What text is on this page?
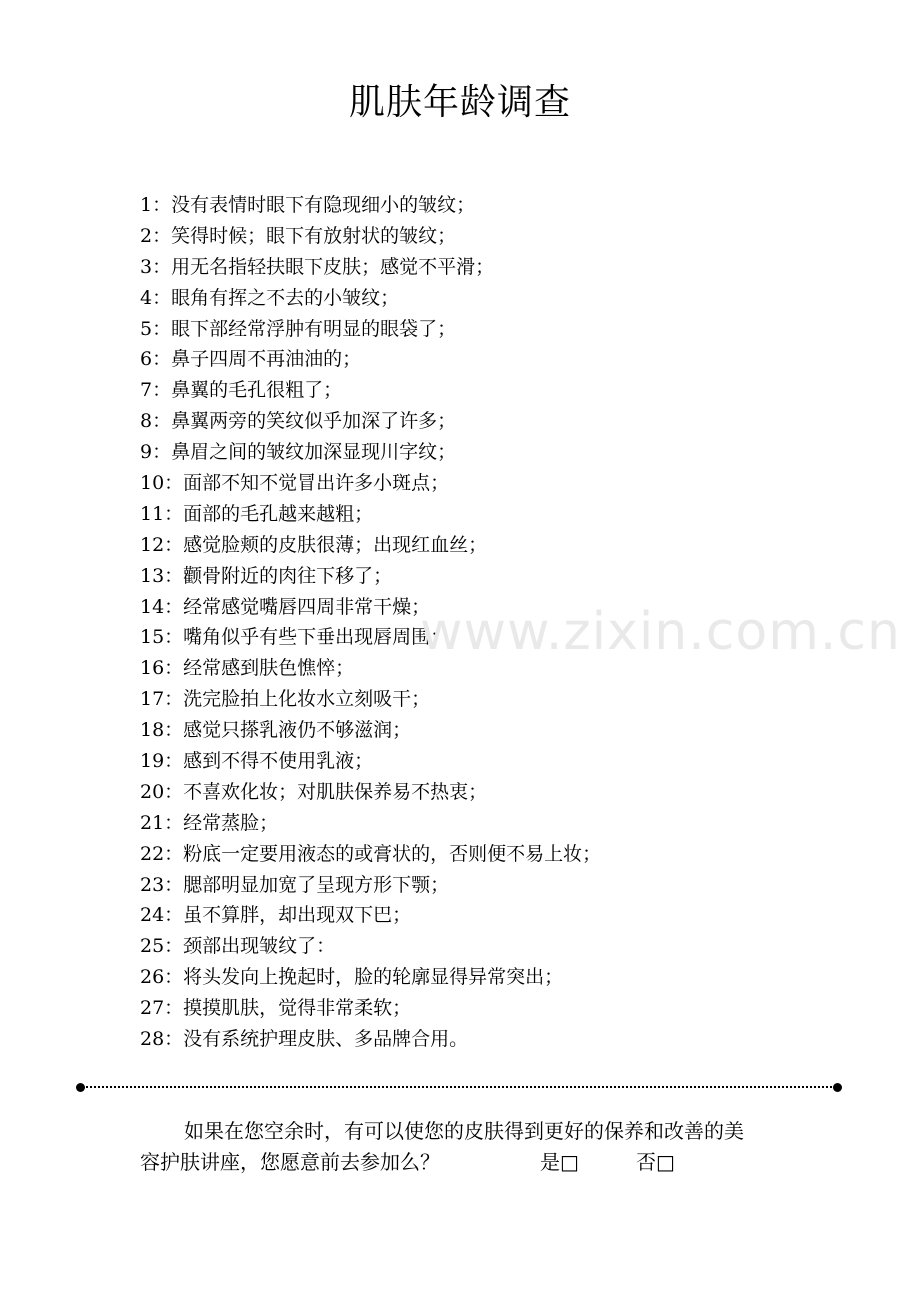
肌肤年龄调查
1：没有表情时眼下有隐现细小的皱纹；
2：笑得时候；眼下有放射状的皱纹；
3：用无名指轻扶眼下皮肤；感觉不平滑；
4：眼角有挥之不去的小皱纹；
5：眼下部经常浮肿有明显的眼袋了；
6：鼻子四周不再油油的；
7：鼻翼的毛孔很粗了；
8：鼻翼两旁的笑纹似乎加深了许多；
9：鼻眉之间的皱纹加深显现川字纹；
10：面部不知不觉冒出许多小斑点；
11：面部的毛孔越来越粗；
12：感觉脸颊的皮肤很薄；出现红血丝；
13：颧骨附近的肉往下移了；
14：经常感觉嘴唇四周非常干燥；
15：嘴角似乎有些下垂出现唇周围；
16：经常感到肤色憔悴；
17：洗完脸拍上化妆水立刻吸干；
18：感觉只搽乳液仍不够滋润；
19：感到不得不使用乳液；
20：不喜欢化妆；对肌肤保养易不热衷；
21：经常蒸脸；
22：粉底一定要用液态的或膏状的，否则便不易上妆；
23：腮部明显加宽了呈现方形下颚；
24：虽不算胖，却出现双下巴；
25：颈部出现皱纹了：
26：将头发向上挽起时，脸的轮廓显得异常突出；
27：摸摸肌肤，觉得非常柔软；
28：没有系统护理皮肤、多品牌合用。
www.zixin.com.cn
如果在您空余时，有可以使您的皮肤得到更好的保养和改善的美
容护肤讲座，您愿意前去参加么？	是□	否□
